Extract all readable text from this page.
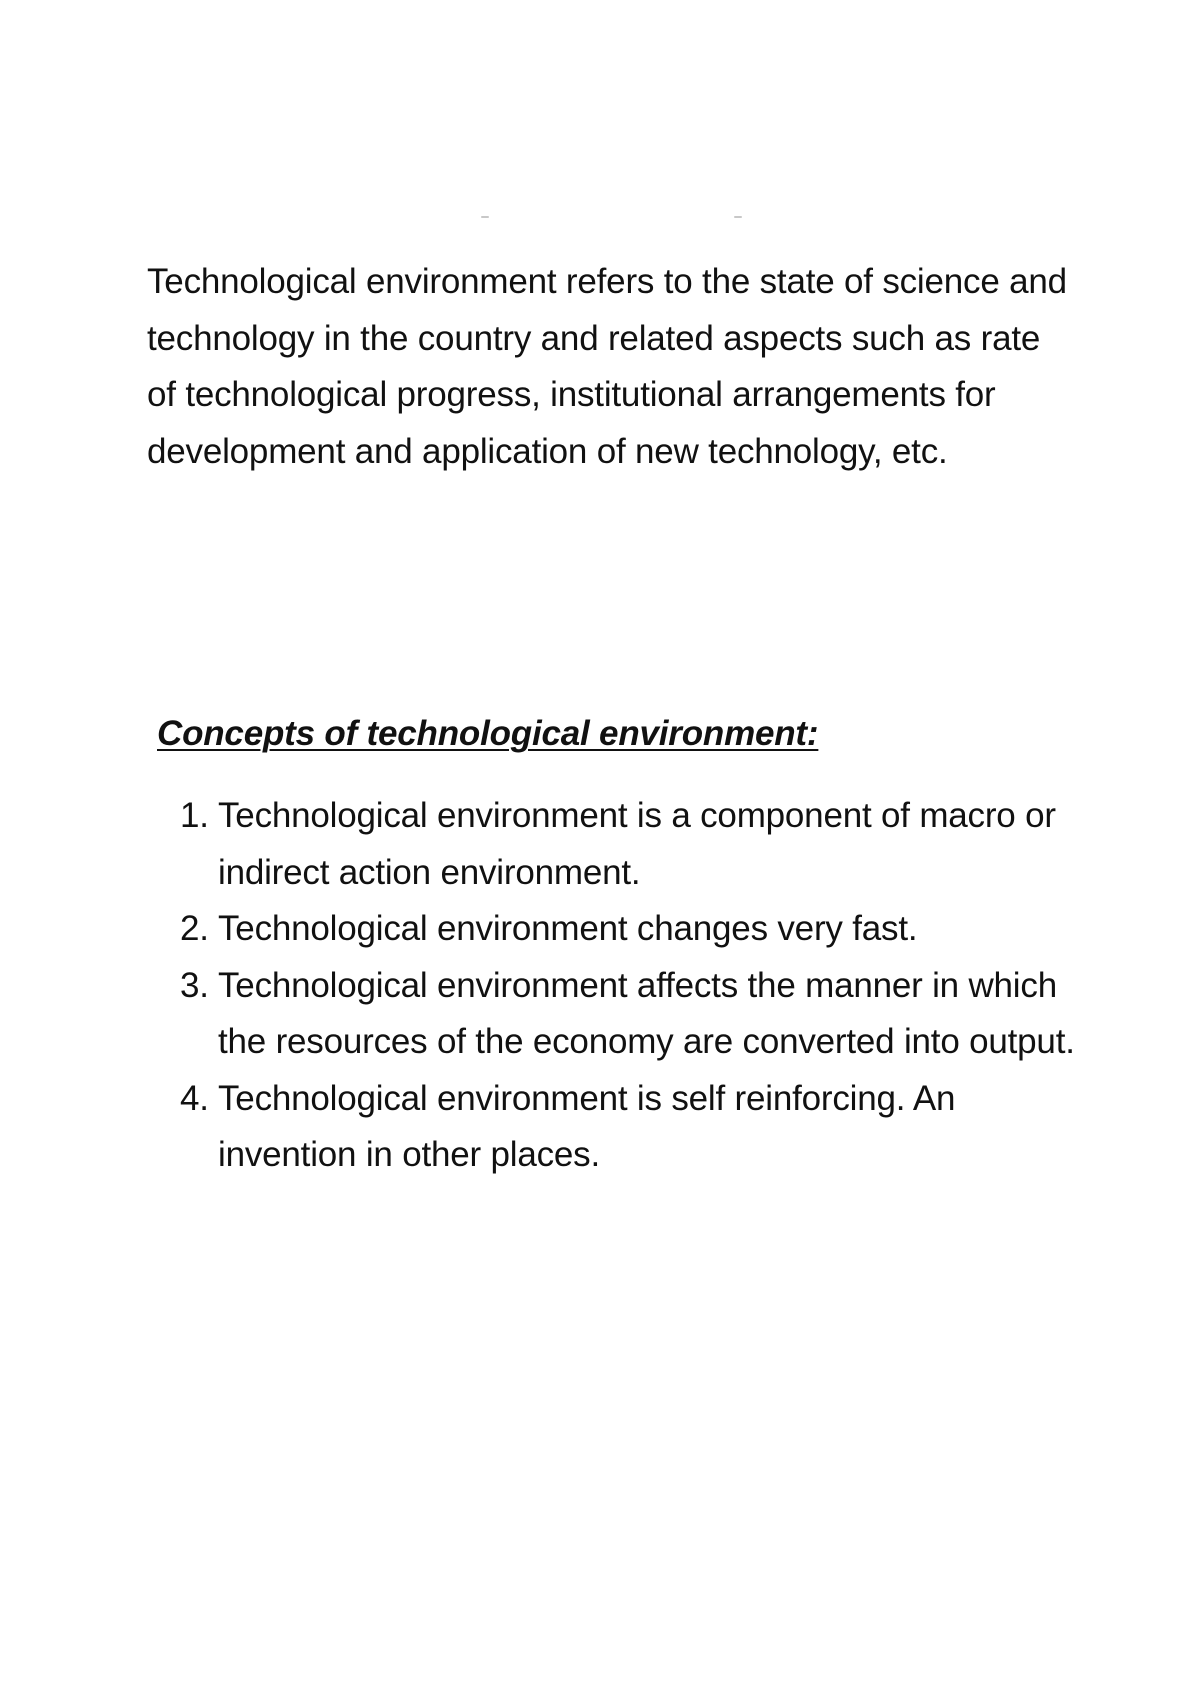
Technological environment refers to the state of science and technology in the country and related aspects such as rate of technological progress, institutional arrangements for development and application of new technology, etc.

Concepts of technological environment:
1. Technological environment is a component of macro or indirect action environment.
2. Technological environment changes very fast.
3. Technological environment affects the manner in which the resources of the economy are converted into output.
4. Technological environment is self reinforcing. An invention in other places.
